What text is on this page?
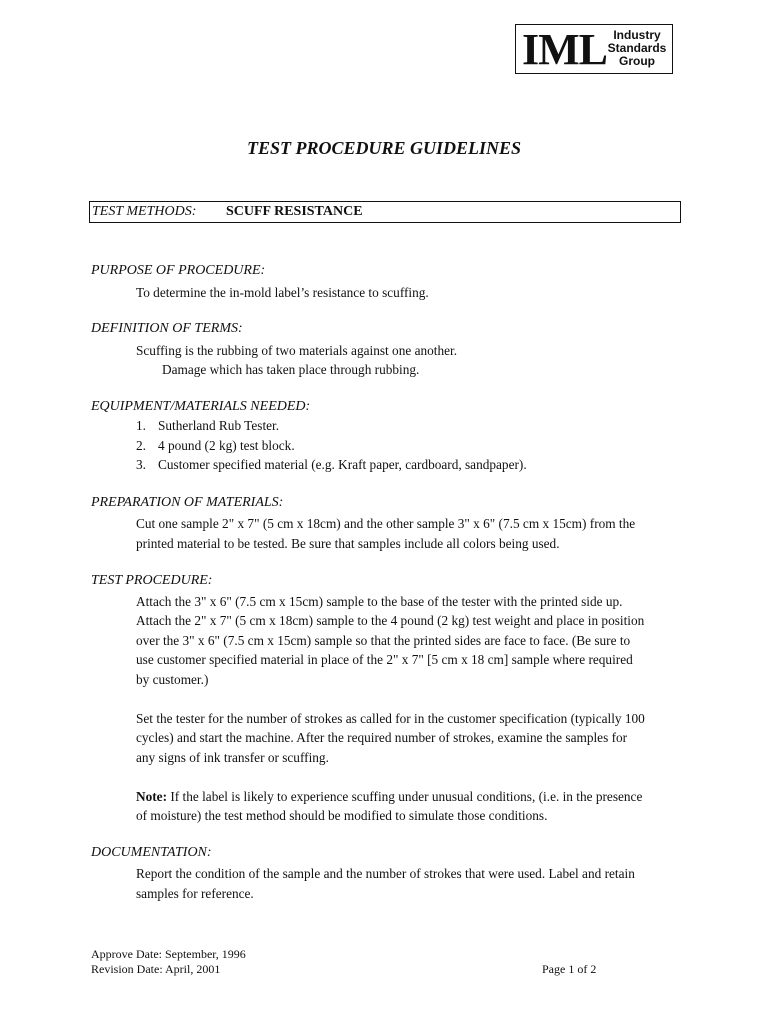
IML Industry
Standards
Group
TEST PROCEDURE GUIDELINES
TEST METHODS: SCUFF RESISTANCE
PURPOSE OF PROCEDURE:
To determine the in-mold label’s resistance to scuffing.
DEFINITION OF TERMS:
Scuffing is the rubbing of two materials against one another.
Damage which has taken place through rubbing.
EQUIPMENT/MATERIALS NEEDED:
1. Sutherland Rub Tester.
2. 4 pound (2 kg) test block.
3. Customer specified material (e.g. Kraft paper, cardboard, sandpaper).
PREPARATION OF MATERIALS:
Cut one sample 2" x 7" (5 cm x 18cm) and the other sample 3" x 6" (7.5 cm x 15cm) from the
printed material to be tested. Be sure that samples include all colors being used.
TEST PROCEDURE:
Attach the 3" x 6" (7.5 cm x 15cm) sample to the base of the tester with the printed side up.
Attach the 2" x 7" (5 cm x 18cm) sample to the 4 pound (2 kg) test weight and place in position
over the 3" x 6" (7.5 cm x 15cm) sample so that the printed sides are face to face. (Be sure to
use customer specified material in place of the 2" x 7" [5 cm x 18 cm] sample where required
by customer.)
Set the tester for the number of strokes as called for in the customer specification (typically 100
cycles) and start the machine. After the required number of strokes, examine the samples for
any signs of ink transfer or scuffing.
Note: If the label is likely to experience scuffing under unusual conditions, (i.e. in the presence
of moisture) the test method should be modified to simulate those conditions.
DOCUMENTATION:
Report the condition of the sample and the number of strokes that were used. Label and retain
samples for reference.
Approve Date: September, 1996
Revision Date: April, 2001	Page 1 of 2
